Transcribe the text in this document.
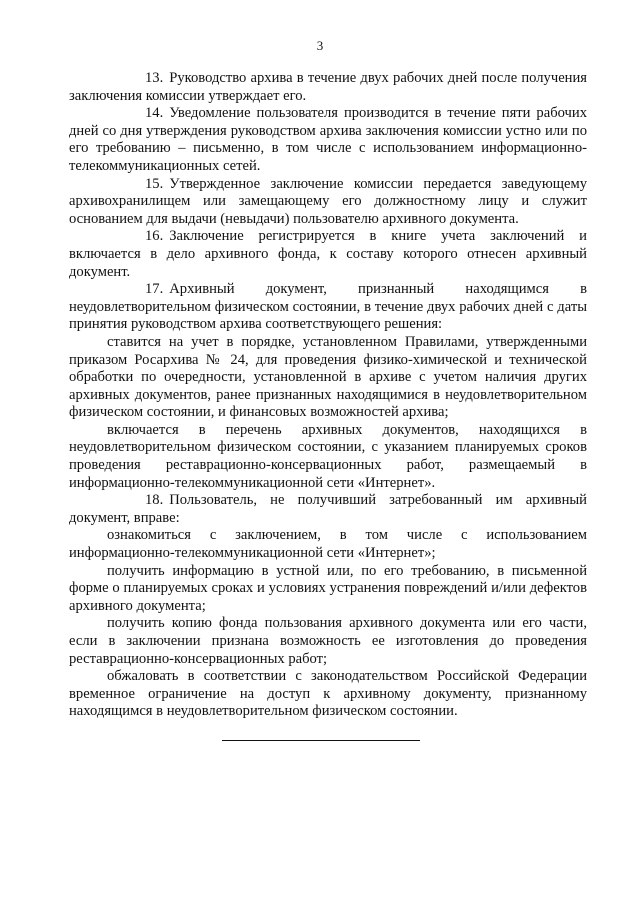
3

13. Руководство архива в течение двух рабочих дней после получения заключения комиссии утверждает его.

14. Уведомление пользователя производится в течение пяти рабочих дней со дня утверждения руководством архива заключения комиссии устно или по его требованию – письменно, в том числе с использованием информационно-телекоммуникационных сетей.

15. Утвержденное заключение комиссии передается заведующему архивохранилищем или замещающему его должностному лицу и служит основанием для выдачи (невыдачи) пользователю архивного документа.

16. Заключение регистрируется в книге учета заключений и включается в дело архивного фонда, к составу которого отнесен архивный документ.

17. Архивный документ, признанный находящимся в неудовлетворительном физическом состоянии, в течение двух рабочих дней с даты принятия руководством архива соответствующего решения:

ставится на учет в порядке, установленном Правилами, утвержденными приказом Росархива № 24, для проведения физико-химической и технической обработки по очередности, установленной в архиве с учетом наличия других архивных документов, ранее признанных находящимися в неудовлетворительном физическом состоянии, и финансовых возможностей архива;

включается в перечень архивных документов, находящихся в неудовлетворительном физическом состоянии, с указанием планируемых сроков проведения реставрационно-консервационных работ, размещаемый в информационно-телекоммуникационной сети «Интернет».

18. Пользователь, не получивший затребованный им архивный документ, вправе:

ознакомиться с заключением, в том числе с использованием информационно-телекоммуникационной сети «Интернет»;

получить информацию в устной или, по его требованию, в письменной форме о планируемых сроках и условиях устранения повреждений и/или дефектов архивного документа;

получить копию фонда пользования архивного документа или его части, если в заключении признана возможность ее изготовления до проведения реставрационно-консервационных работ;

обжаловать в соответствии с законодательством Российской Федерации временное ограничение на доступ к архивному документу, признанному находящимся в неудовлетворительном физическом состоянии.
